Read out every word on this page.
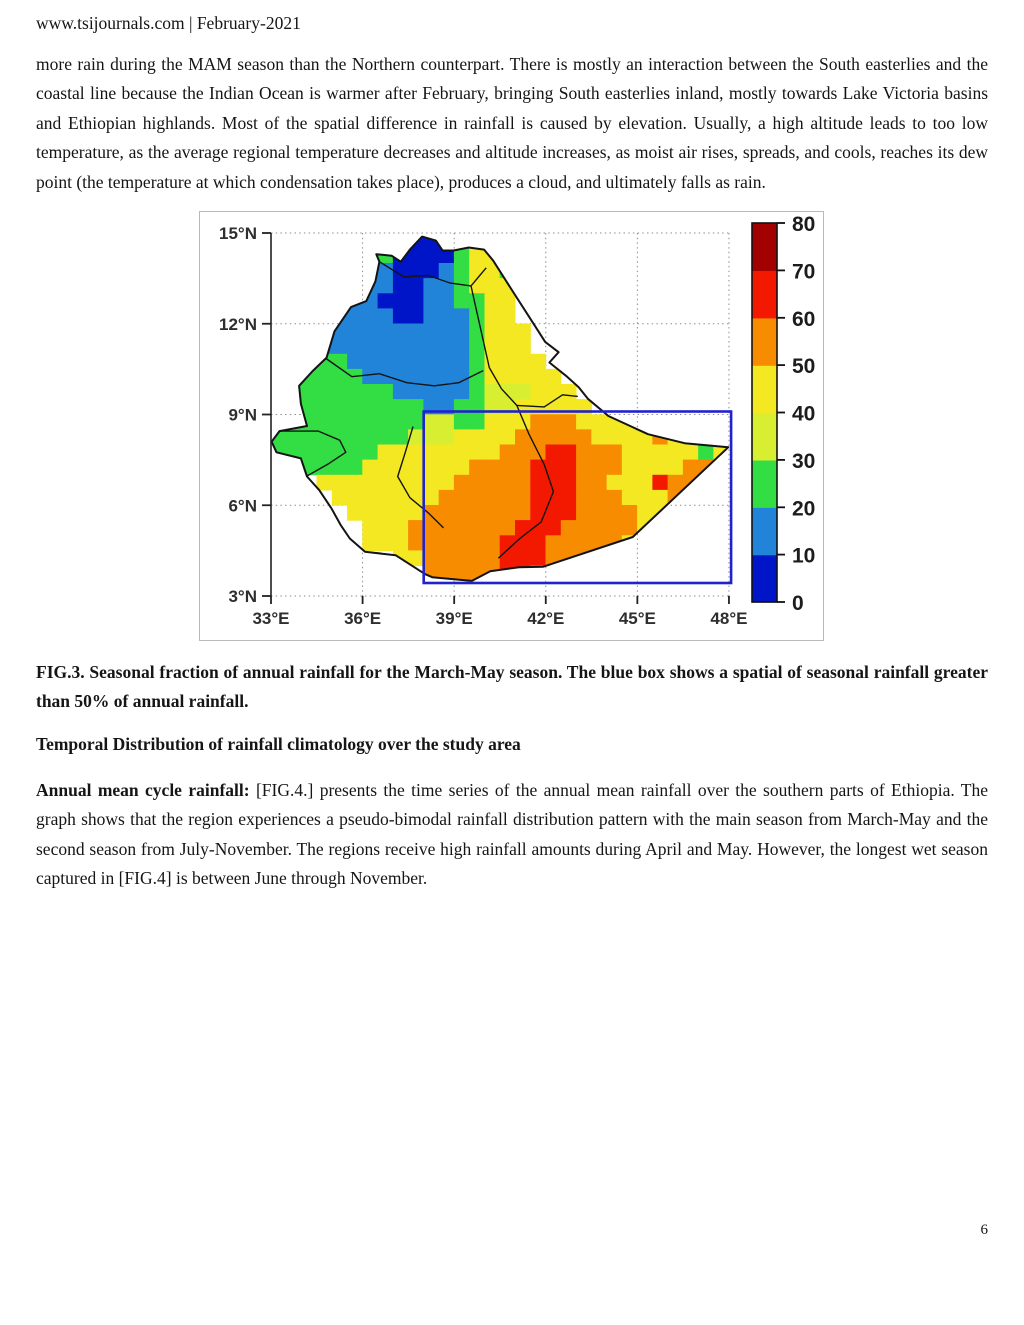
www.tsijournals.com | February-2021
more rain during the MAM season than the Northern counterpart. There is mostly an interaction between the South easterlies and the coastal line because the Indian Ocean is warmer after February, bringing South easterlies inland, mostly towards Lake Victoria basins and Ethiopian highlands. Most of the spatial difference in rainfall is caused by elevation. Usually, a high altitude leads to too low temperature, as the average regional temperature decreases and altitude increases, as moist air rises, spreads, and cools, reaches its dew point (the temperature at which condensation takes place), produces a cloud, and ultimately falls as rain.
3°N
6°N
9°N
12°N
15°N
33°E	36°E	39°E	42°E	45°E	48°E
0
10
20
30
40
50
60
70
80
FIG.3. Seasonal fraction of annual rainfall for the March-May season. The blue box shows a spatial of seasonal rainfall greater than 50% of annual rainfall.
Temporal Distribution of rainfall climatology over the study area
Annual mean cycle rainfall: [FIG.4.] presents the time series of the annual mean rainfall over the southern parts of Ethiopia. The graph shows that the region experiences a pseudo-bimodal rainfall distribution pattern with the main season from March-May and the second season from July-November. The regions receive high rainfall amounts during April and May. However, the longest wet season captured in [FIG.4] is between June through November.
6
